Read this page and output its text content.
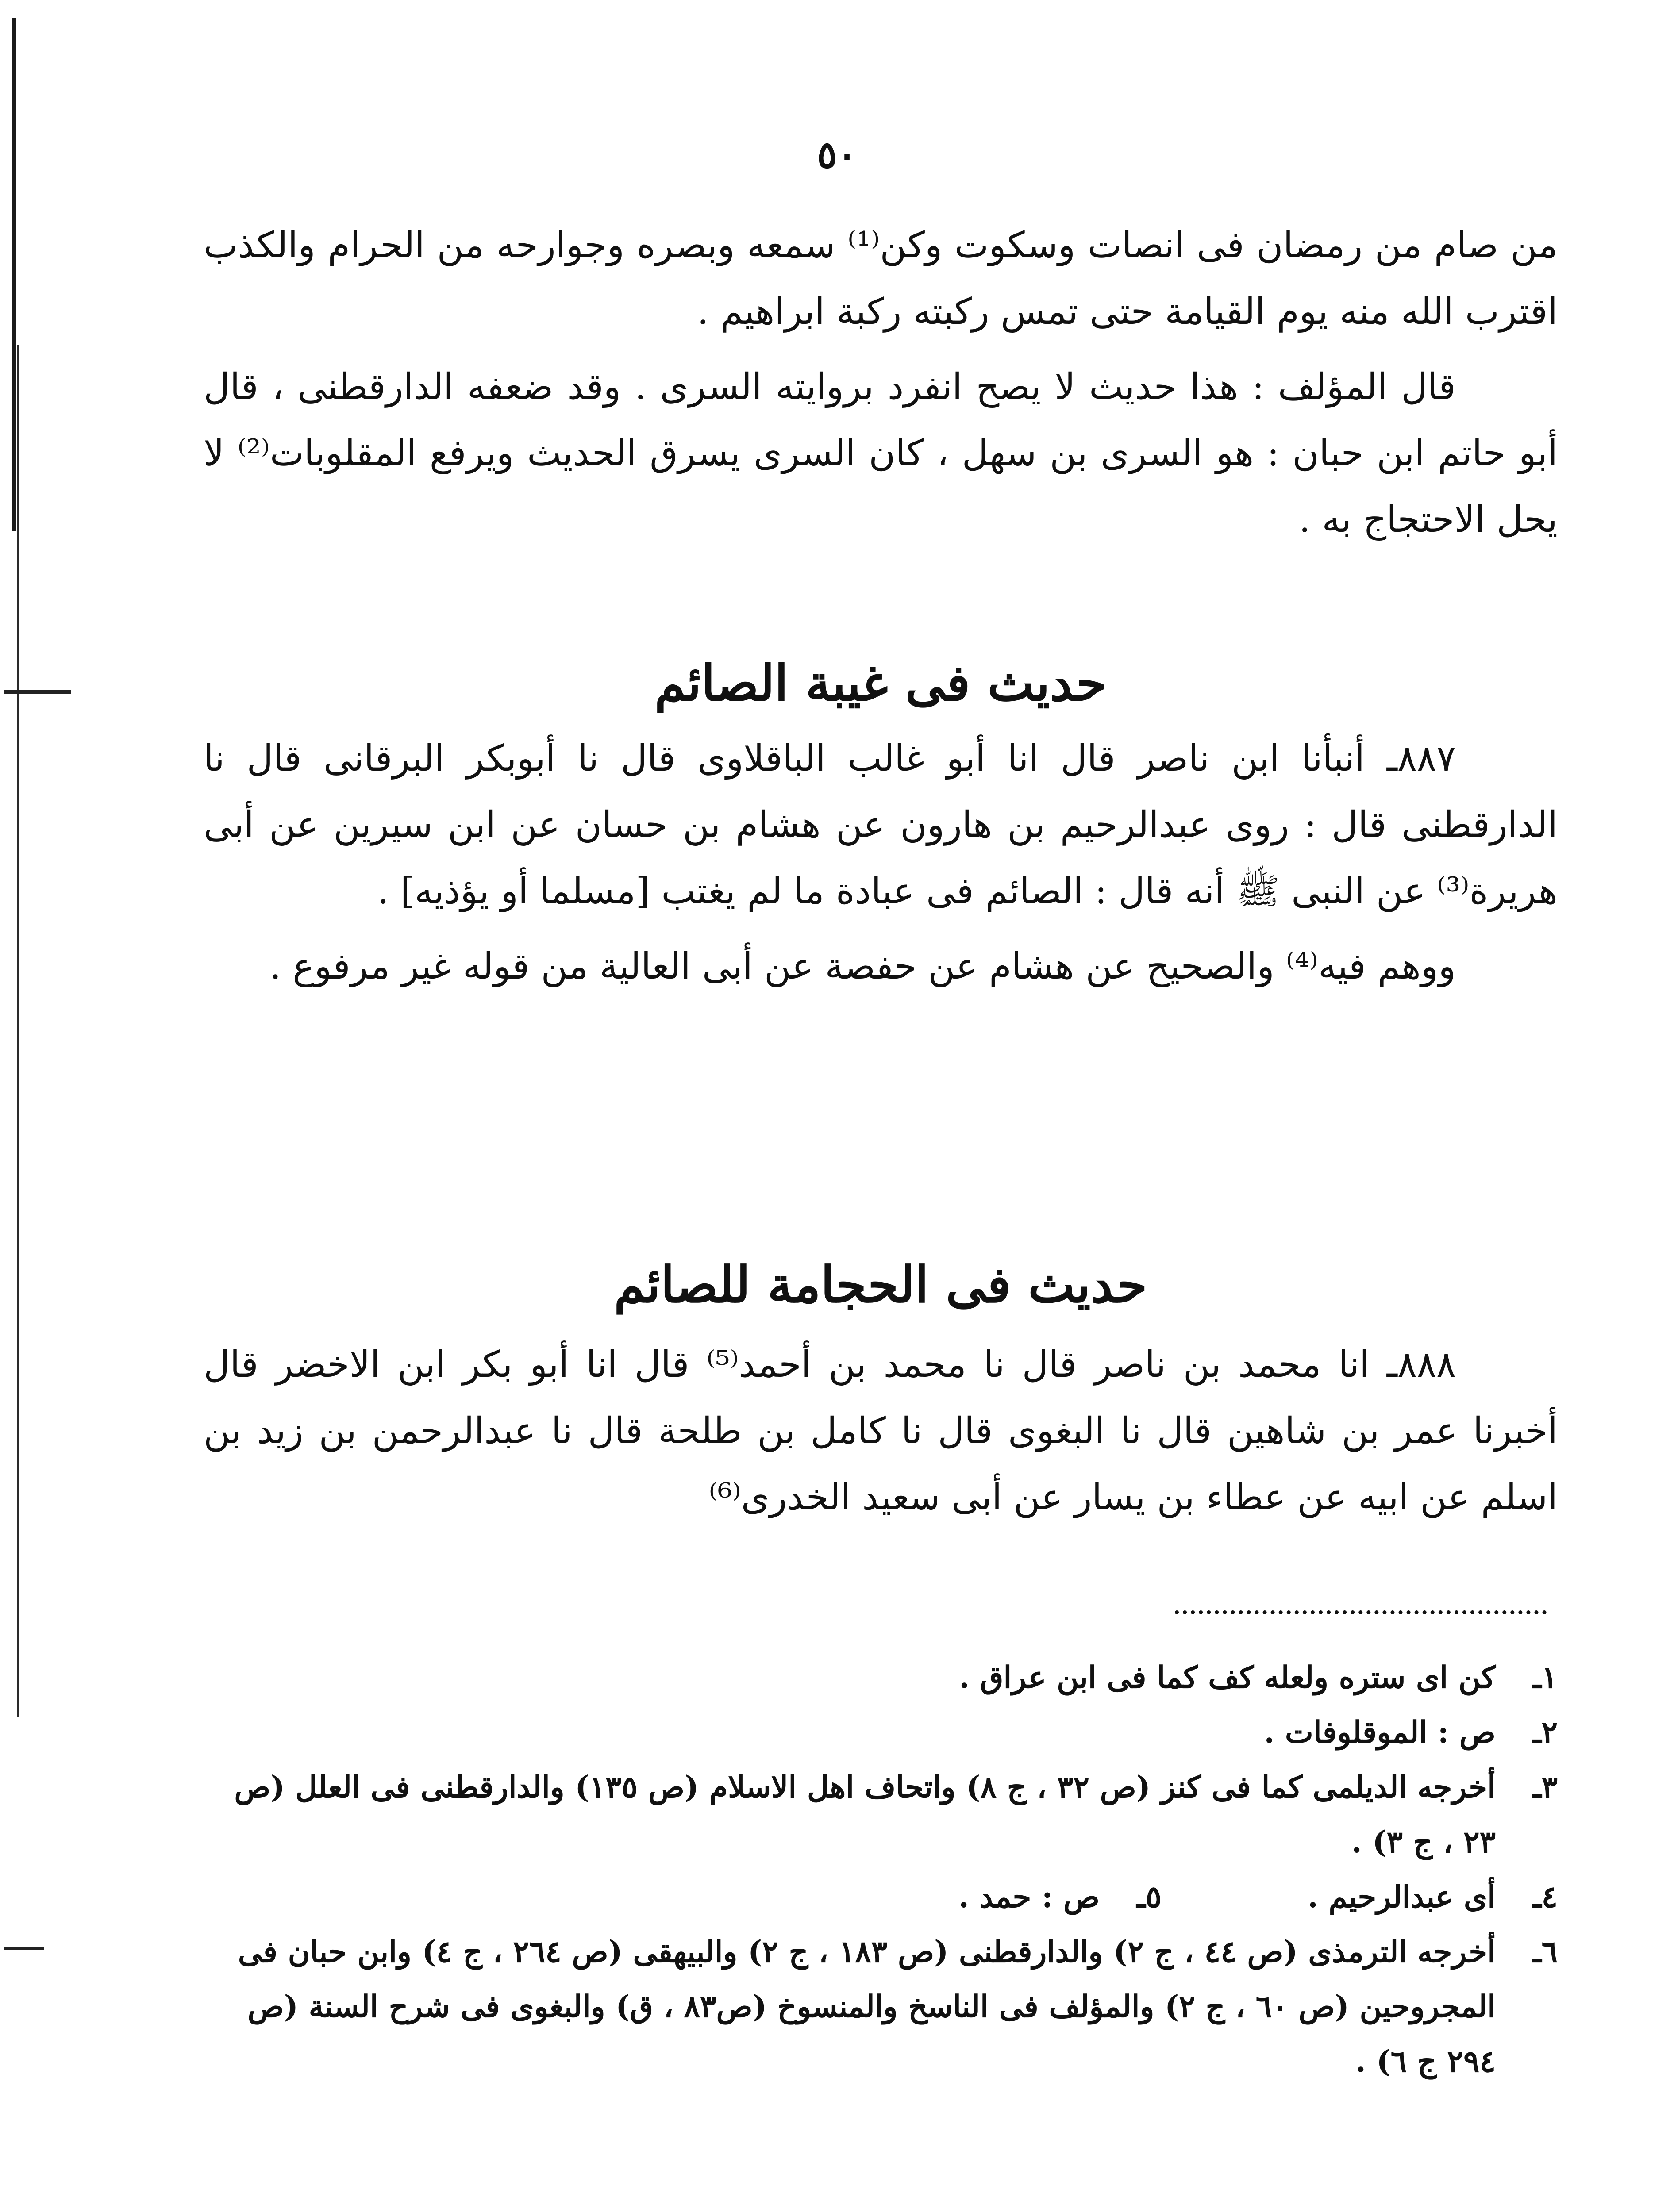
٥٠

من صام من رمضان فى انصات وسكوت وكن⁽¹⁾ سمعه وبصره وجوارحه من الحرام والكذب اقترب الله منه يوم القيامة حتى تمس ركبته ركبة ابراهيم .

قال المؤلف : هذا حديث لا يصح انفرد بروايته السرى . وقد ضعفه الدارقطنى ، قال أبو حاتم ابن حبان : هو السرى بن سهل ، كان السرى يسرق الحديث ويرفع المقلوبات⁽²⁾ لا يحل الاحتجاج به .

حديث فى غيبة الصائم

٨٨٧ـ أنبأنا ابن ناصر قال انا أبو غالب الباقلاوى قال نا أبوبكر البرقانى قال نا الدارقطنى قال : روى عبدالرحيم بن هارون عن هشام بن حسان عن ابن سيرين عن أبى هريرة⁽³⁾ عن النبى ﷺ أنه قال : الصائم فى عبادة ما لم يغتب [مسلما أو يؤذيه] .

ووهم فيه⁽⁴⁾ والصحيح عن هشام عن حفصة عن أبى العالية من قوله غير مرفوع .

حديث فى الحجامة للصائم

٨٨٨ـ انا محمد بن ناصر قال نا محمد بن أحمد⁽⁵⁾ قال انا أبو بكر ابن الاخضر قال أخبرنا عمر بن شاهين قال نا البغوى قال نا كامل بن طلحة قال نا عبدالرحمن بن زيد بن اسلم عن ابيه عن عطاء بن يسار عن أبى سعيد الخدرى⁽⁶⁾

١ـ
كن اى ستره ولعله كف كما فى ابن عراق .
٢ـ
ص : الموقلوفات .
٣ـ
أخرجه الديلمى كما فى كنز (ص ٣٢ ، ج ٨) واتحاف اهل الاسلام (ص ١٣٥) والدارقطنى فى العلل (ص ٢٣ ، ج ٣) .
٤ـ
أى عبدالرحيم .
٥ـ
ص : حمد .
٦ـ
أخرجه الترمذى (ص ٤٤ ، ج ٢) والدارقطنى (ص ١٨٣ ، ج ٢) والبيهقى (ص ٢٦٤ ، ج ٤) وابن حبان فى المجروحين (ص ٦٠ ، ج ٢) والمؤلف فى الناسخ والمنسوخ (ص٨٣ ، ق) والبغوى فى شرح السنة (ص ٢٩٤ ج ٦) .
